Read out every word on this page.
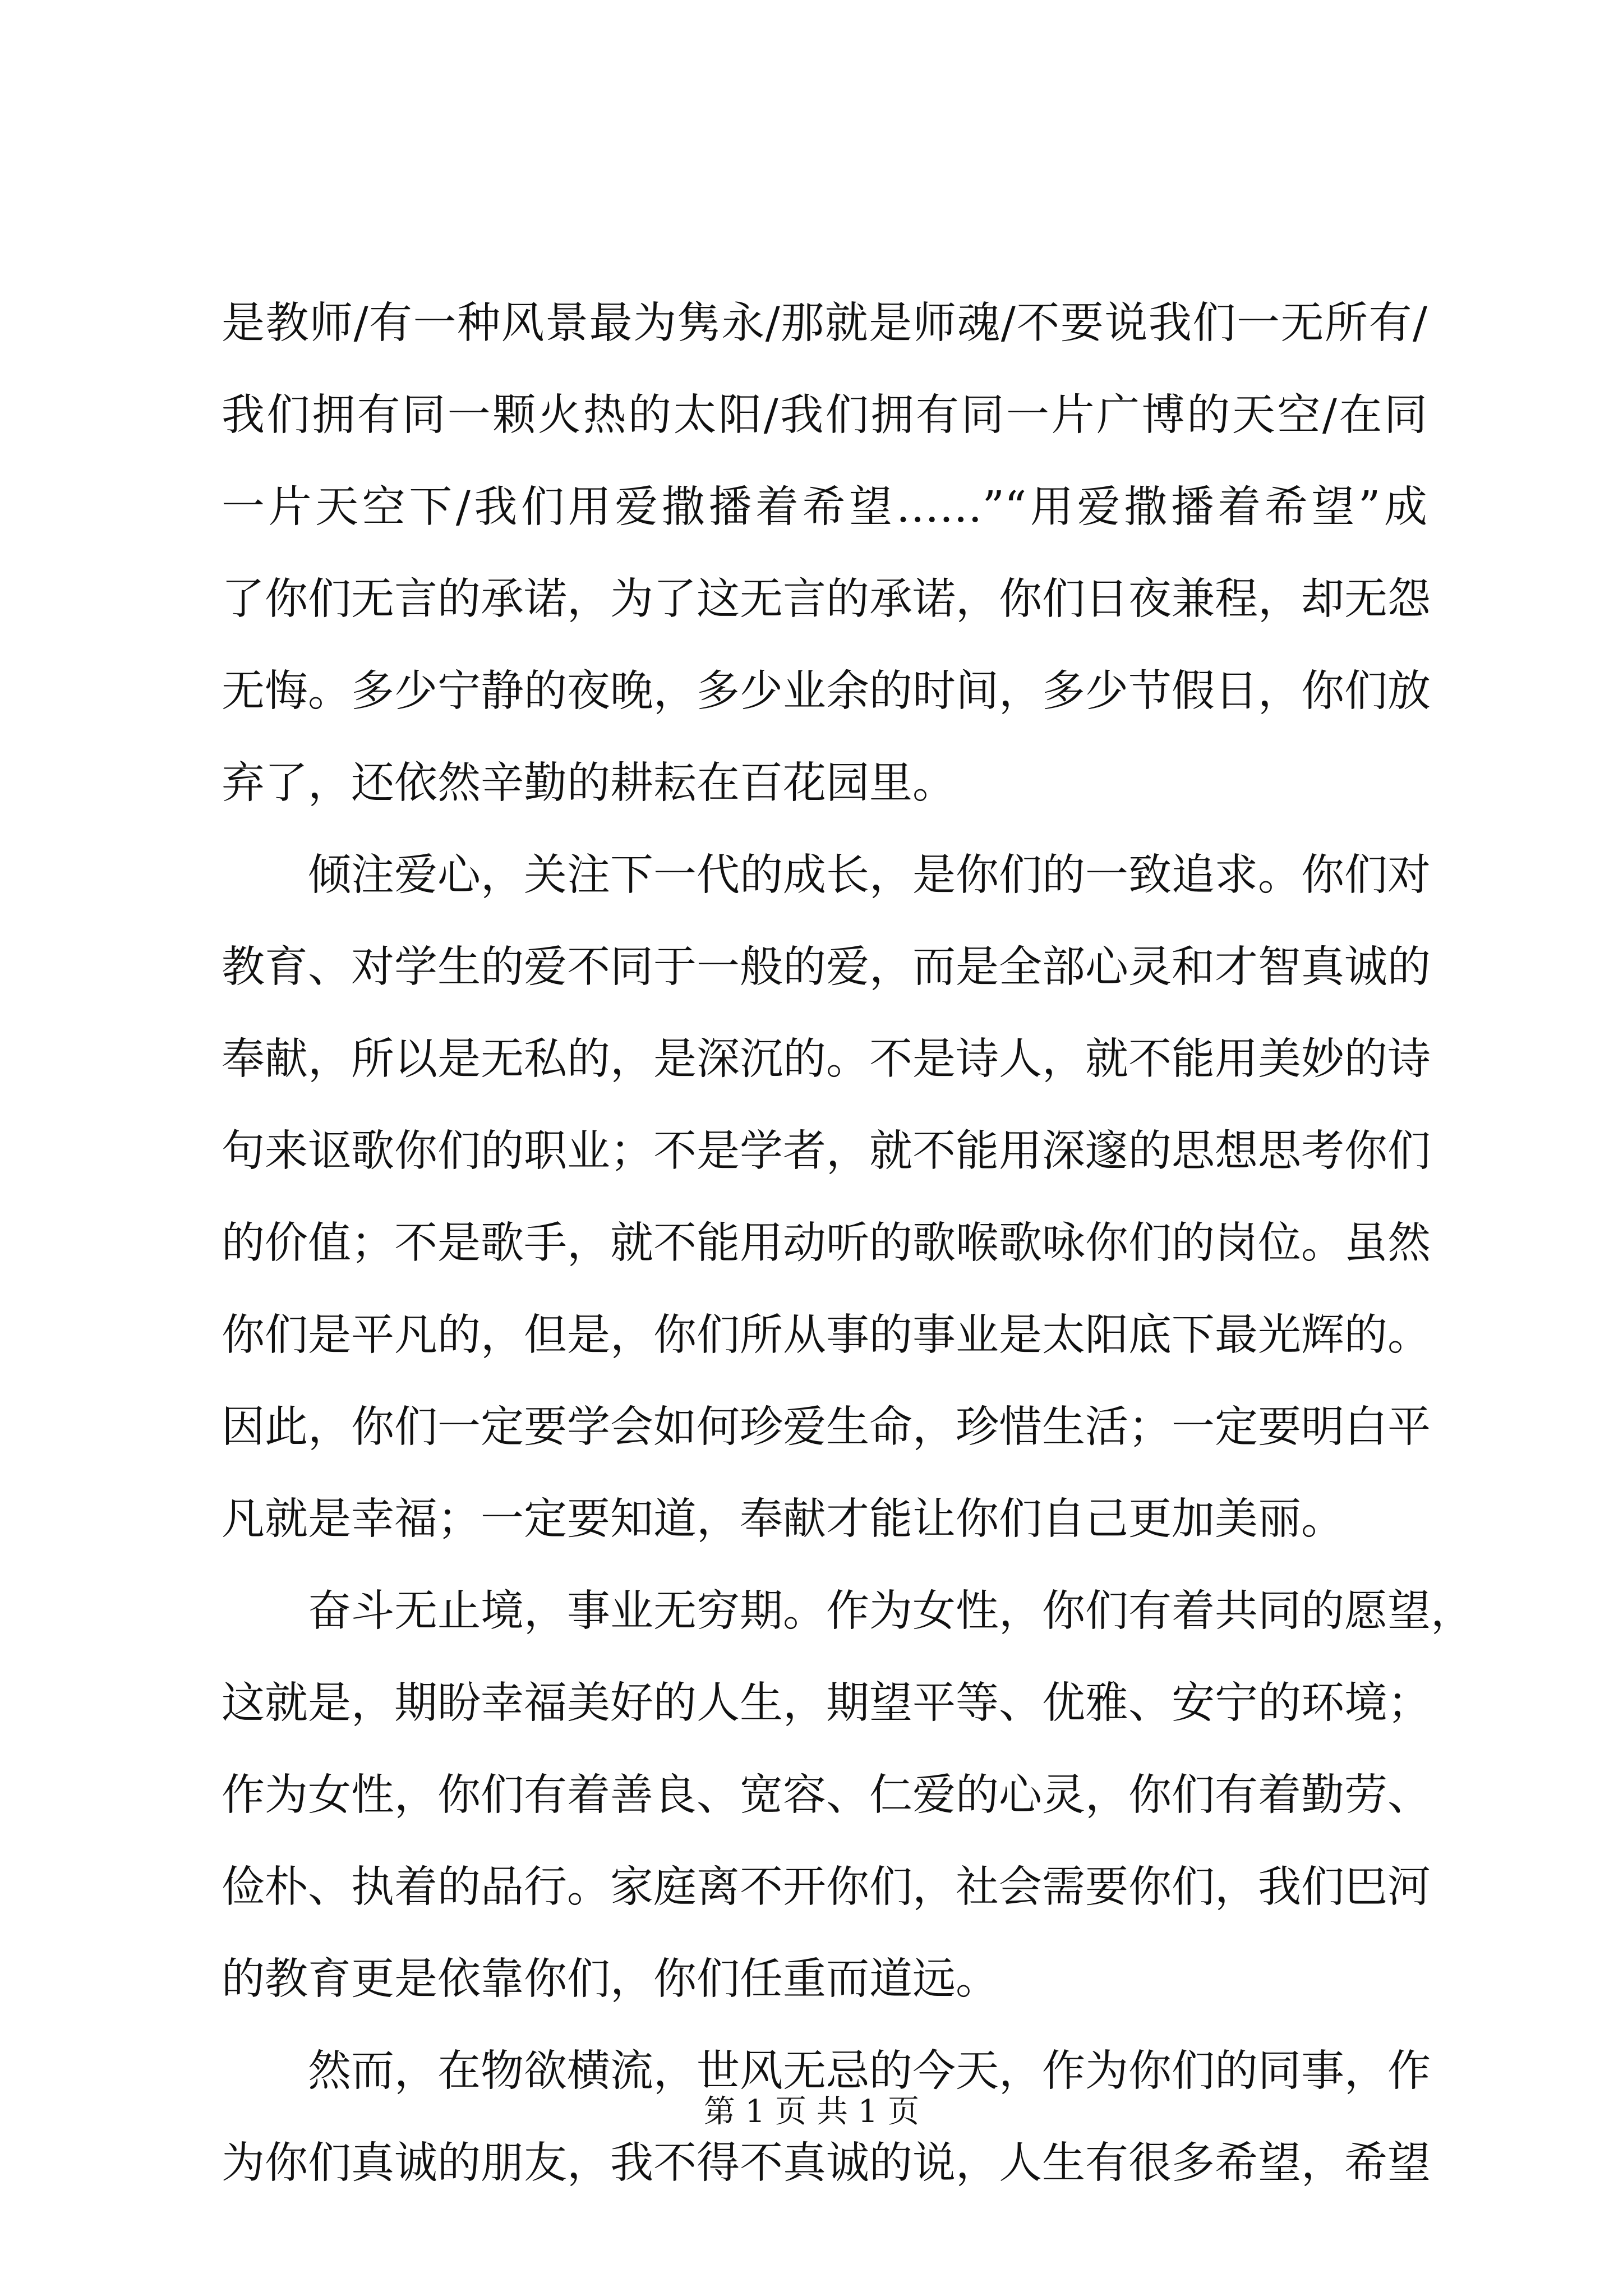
是教师/有一种风景最为隽永/那就是师魂/不要说我们一无所有/
我们拥有同一颗火热的太阳/我们拥有同一片广博的天空/在同
一片天空下/我们用爱撒播着希望……”“用爱撒播着希望”成
了你们无言的承诺，为了这无言的承诺，你们日夜兼程，却无怨
无悔。多少宁静的夜晚，多少业余的时间，多少节假日，你们放
弃了，还依然辛勤的耕耘在百花园里。
　　倾注爱心，关注下一代的成长，是你们的一致追求。你们对
教育、对学生的爱不同于一般的爱，而是全部心灵和才智真诚的
奉献，所以是无私的，是深沉的。不是诗人，就不能用美妙的诗
句来讴歌你们的职业；不是学者，就不能用深邃的思想思考你们
的价值；不是歌手，就不能用动听的歌喉歌咏你们的岗位。虽然
你们是平凡的，但是，你们所从事的事业是太阳底下最光辉的。
因此，你们一定要学会如何珍爱生命，珍惜生活；一定要明白平
凡就是幸福；一定要知道，奉献才能让你们自己更加美丽。
　　奋斗无止境，事业无穷期。作为女性，你们有着共同的愿望，
这就是，期盼幸福美好的人生，期望平等、优雅、安宁的环境；
作为女性，你们有着善良、宽容、仁爱的心灵，你们有着勤劳、
俭朴、执着的品行。家庭离不开你们，社会需要你们，我们巴河
的教育更是依靠你们，你们任重而道远。
　　然而，在物欲横流，世风无忌的今天，作为你们的同事，作
为你们真诚的朋友，我不得不真诚的说，人生有很多希望，希望
第 1 页 共 1 页
